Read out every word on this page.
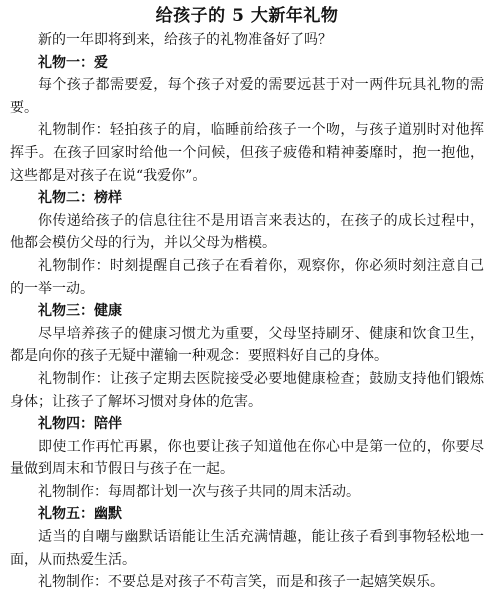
给孩子的 5 大新年礼物

新的一年即将到来，给孩子的礼物准备好了吗？

礼物一：爱

每个孩子都需要爱，每个孩子对爱的需要远甚于对一两件玩具礼物的需要。

礼物制作：轻拍孩子的肩，临睡前给孩子一个吻，与孩子道别时对他挥挥手。在孩子回家时给他一个问候，但孩子疲倦和精神萎靡时，抱一抱他，这些都是对孩子在说“我爱你”。

礼物二：榜样

你传递给孩子的信息往往不是用语言来表达的，在孩子的成长过程中，他都会模仿父母的行为，并以父母为楷模。

礼物制作：时刻提醒自己孩子在看着你，观察你，你必须时刻注意自己的一举一动。

礼物三：健康

尽早培养孩子的健康习惯尤为重要，父母坚持刷牙、健康和饮食卫生，都是向你的孩子无疑中灌输一种观念：要照料好自己的身体。

礼物制作：让孩子定期去医院接受必要地健康检查；鼓励支持他们锻炼身体；让孩子了解坏习惯对身体的危害。

礼物四：陪伴

即使工作再忙再累，你也要让孩子知道他在你心中是第一位的，你要尽量做到周末和节假日与孩子在一起。

礼物制作：每周都计划一次与孩子共同的周末活动。

礼物五：幽默

适当的自嘲与幽默话语能让生活充满情趣，能让孩子看到事物轻松地一面，从而热爱生活。

礼物制作：不要总是对孩子不苟言笑，而是和孩子一起嬉笑娱乐。
